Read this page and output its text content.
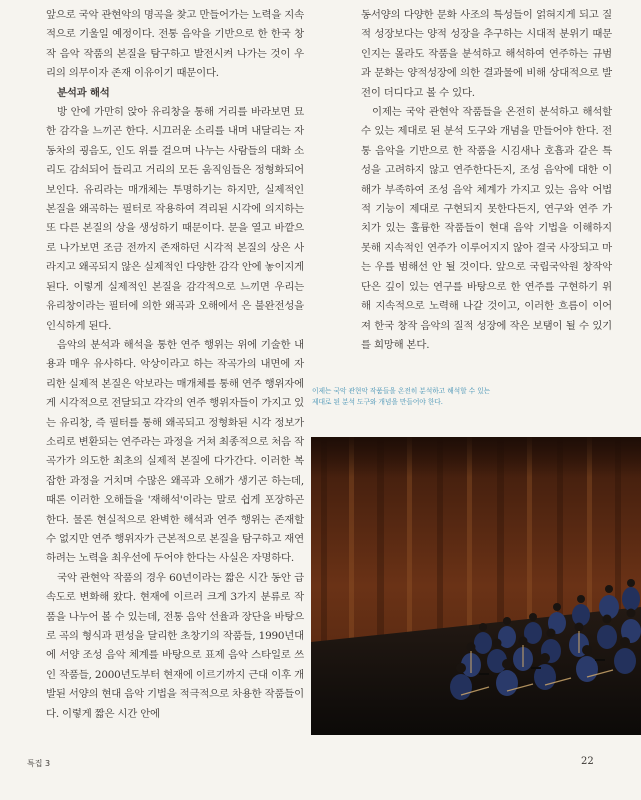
앞으로 국악 관현악의 명곡을 찾고 만들어가는 노력을 지속적으로 기울일 예정이다. 전통 음악을 기반으로 한 한국 창작 음악 작품의 본질을 탐구하고 발전시켜 나가는 것이 우리의 의무이자 존재 이유이기 때문이다.

분석과 해석

방 안에 가만히 앉아 유리창을 통해 거리를 바라보면 묘한 감각을 느끼곤 한다. 시끄러운 소리를 내며 내달리는 자동차의 굉음도, 인도 위를 걸으며 나누는 사람들의 대화 소리도 감쇠되어 들리고 거리의 모든 움직임들은 정형화되어 보인다. 유리라는 매개체는 투명하기는 하지만, 실제적인 본질을 왜곡하는 필터로 작용하여 격리된 시각에 의지하는 또 다른 본질의 상을 생성하기 때문이다. 문을 열고 바깥으로 나가보면 조금 전까지 존재하던 시각적 본질의 상은 사라지고 왜곡되지 않은 실제적인 다양한 감각 안에 놓이지게 된다. 이렇게 실제적인 본질을 감각적으로 느끼면 우리는 유리창이라는 필터에 의한 왜곡과 오해에서 은 불완전성을 인식하게 된다.

음악의 분석과 해석을 통한 연주 행위는 위에 기술한 내용과 매우 유사하다. 악상이라고 하는 작곡가의 내면에 자리한 실제적 본질은 악보라는 매개체를 통해 연주 행위자에게 시각적으로 전달되고 각각의 연주 행위자들이 가지고 있는 유리창, 즉 필터를 통해 왜곡되고 정형화된 시각 정보가 소리로 변환되는 연주라는 과정을 거쳐 최종적으로 처음 작곡가가 의도한 최초의 실제적 본질에 다가간다. 이러한 복잡한 과정을 거치며 수많은 왜곡과 오해가 생기곤 하는데, 때론 이러한 오해들을 '재해석'이라는 말로 쉽게 포장하곤 한다. 물론 현실적으로 완벽한 해석과 연주 행위는 존재할 수 없지만 연주 행위자가 근본적으로 본질을 탐구하고 재연하려는 노력을 최우선에 두어야 한다는 사실은 자명하다.

국악 관현악 작품의 경우 60년이라는 짧은 시간 동안 급속도로 변화해 왔다. 현재에 이르러 크게 3가지 분류로 작품을 나누어 볼 수 있는데, 전통 음악 선율과 장단을 바탕으로 곡의 형식과 편성을 달리한 초창기의 작품들, 1990년대에 서양 조성 음악 체계를 바탕으로 표제 음악 스타일로 쓰인 작품들, 2000년도부터 현재에 이르기까지 근대 이후 개발된 서양의 현대 음악 기법을 적극적으로 차용한 작품들이다. 이렇게 짧은 시간 안에

동서양의 다양한 문화 사조의 특성들이 얽혀지게 되고 질적 성장보다는 양적 성장을 추구하는 시대적 분위기 때문인지는 몰라도 작품을 분석하고 해석하여 연주하는 규범과 문화는 양적성장에 의한 결과물에 비해 상대적으로 발전이 더디다고 볼 수 있다.

이제는 국악 관현악 작품들을 온전히 분석하고 해석할 수 있는 제대로 된 분석 도구와 개념을 만들어야 한다. 전통 음악을 기반으로 한 작품을 시김새나 호흡과 같은 특성을 고려하지 않고 연주한다든지, 조성 음악에 대한 이해가 부족하여 조성 음악 체계가 가지고 있는 음악 어법적 기능이 제대로 구현되지 못한다든지, 연구와 연주 가치가 있는 훌륭한 작품들이 현대 음악 기법을 이해하지 못해 지속적인 연주가 이루어지지 않아 결국 사장되고 마는 우를 범해선 안 될 것이다. 앞으로 국립국악원 창작악단은 깊이 있는 연구를 바탕으로 한 연주를 구현하기 위해 지속적으로 노력해 나갈 것이고, 이러한 흐름이 이어져 한국 창작 음악의 질적 성장에 작은 보탬이 될 수 있기를 희망해 본다.

이제는 국악 관현악 작품들을 온전히 분석하고 해석할 수 있는
제대로 된 분석 도구와 개념을 만들어야 한다.
특집 3	22
